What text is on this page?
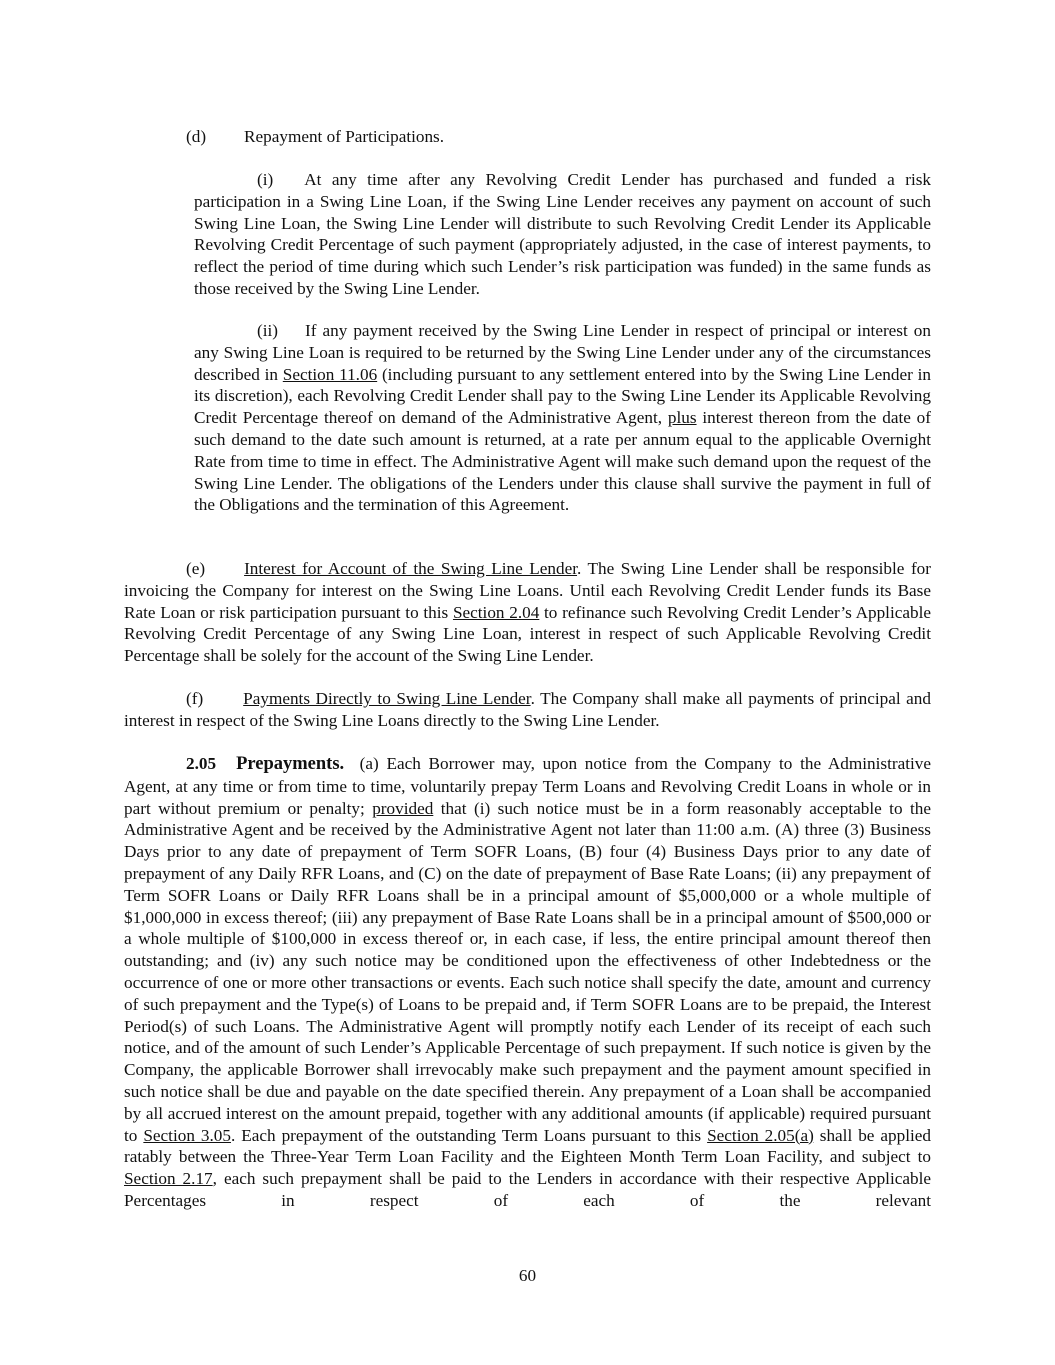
(d) Repayment of Participations.

(i) At any time after any Revolving Credit Lender has purchased and funded a risk participation in a Swing Line Loan, if the Swing Line Lender receives any payment on account of such Swing Line Loan, the Swing Line Lender will distribute to such Revolving Credit Lender its Applicable Revolving Credit Percentage of such payment (appropriately adjusted, in the case of interest payments, to reflect the period of time during which such Lender’s risk participation was funded) in the same funds as those received by the Swing Line Lender.

(ii) If any payment received by the Swing Line Lender in respect of principal or interest on any Swing Line Loan is required to be returned by the Swing Line Lender under any of the circumstances described in Section 11.06 (including pursuant to any settlement entered into by the Swing Line Lender in its discretion), each Revolving Credit Lender shall pay to the Swing Line Lender its Applicable Revolving Credit Percentage thereof on demand of the Administrative Agent, plus interest thereon from the date of such demand to the date such amount is returned, at a rate per annum equal to the applicable Overnight Rate from time to time in effect. The Administrative Agent will make such demand upon the request of the Swing Line Lender. The obligations of the Lenders under this clause shall survive the payment in full of the Obligations and the termination of this Agreement.

(e) Interest for Account of the Swing Line Lender. The Swing Line Lender shall be responsible for invoicing the Company for interest on the Swing Line Loans. Until each Revolving Credit Lender funds its Base Rate Loan or risk participation pursuant to this Section 2.04 to refinance such Revolving Credit Lender’s Applicable Revolving Credit Percentage of any Swing Line Loan, interest in respect of such Applicable Revolving Credit Percentage shall be solely for the account of the Swing Line Lender.

(f) Payments Directly to Swing Line Lender. The Company shall make all payments of principal and interest in respect of the Swing Line Loans directly to the Swing Line Lender.

2.05 Prepayments. (a) Each Borrower may, upon notice from the Company to the Administrative Agent, at any time or from time to time, voluntarily prepay Term Loans and Revolving Credit Loans in whole or in part without premium or penalty; provided that (i) such notice must be in a form reasonably acceptable to the Administrative Agent and be received by the Administrative Agent not later than 11:00 a.m. (A) three (3) Business Days prior to any date of prepayment of Term SOFR Loans, (B) four (4) Business Days prior to any date of prepayment of any Daily RFR Loans, and (C) on the date of prepayment of Base Rate Loans; (ii) any prepayment of Term SOFR Loans or Daily RFR Loans shall be in a principal amount of $5,000,000 or a whole multiple of $1,000,000 in excess thereof; (iii) any prepayment of Base Rate Loans shall be in a principal amount of $500,000 or a whole multiple of $100,000 in excess thereof or, in each case, if less, the entire principal amount thereof then outstanding; and (iv) any such notice may be conditioned upon the effectiveness of other Indebtedness or the occurrence of one or more other transactions or events. Each such notice shall specify the date, amount and currency of such prepayment and the Type(s) of Loans to be prepaid and, if Term SOFR Loans are to be prepaid, the Interest Period(s) of such Loans. The Administrative Agent will promptly notify each Lender of its receipt of each such notice, and of the amount of such Lender’s Applicable Percentage of such prepayment. If such notice is given by the Company, the applicable Borrower shall irrevocably make such prepayment and the payment amount specified in such notice shall be due and payable on the date specified therein. Any prepayment of a Loan shall be accompanied by all accrued interest on the amount prepaid, together with any additional amounts (if applicable) required pursuant to Section 3.05. Each prepayment of the outstanding Term Loans pursuant to this Section 2.05(a) shall be applied ratably between the Three-Year Term Loan Facility and the Eighteen Month Term Loan Facility, and subject to Section 2.17, each such prepayment shall be paid to the Lenders in accordance with their respective Applicable Percentages in respect of each of the relevant

60
